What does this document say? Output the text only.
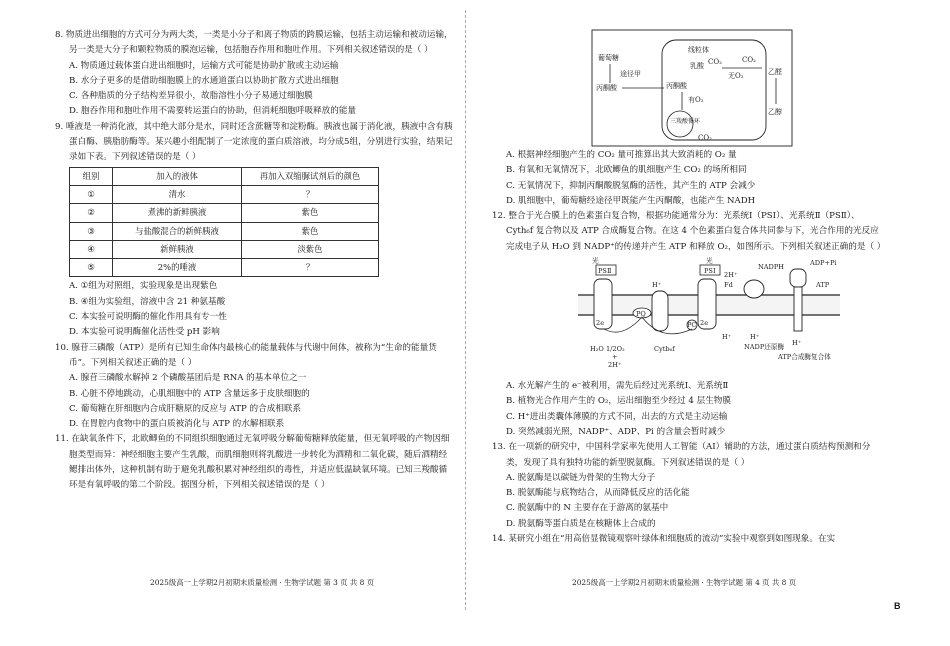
8. 物质进出细胞的方式可分为两大类，一类是小分子和离子物质的跨膜运输，包括主动运输和被动运输，另一类是大分子和颗粒物质的膜泡运输，包括胞吞作用和胞吐作用。下列相关叙述错误的是（ ）

A. 物质通过载体蛋白进出细胞时，运输方式可能是协助扩散或主动运输

B. 水分子更多的是借助细胞膜上的水通道蛋白以协助扩散方式进出细胞

C. 各种脂质的分子结构差异很小，故脂溶性小分子易通过细胞膜

D. 胞吞作用和胞吐作用不需要转运蛋白的协助，但消耗细胞呼吸释放的能量

9. 唾液是一种消化液，其中绝大部分是水，同时还含蔗糖等和淀粉酶。胰液也属于消化液，胰液中含有胰蛋白酶、胰脂肪酶等。某兴趣小组配制了一定浓度的蛋白质溶液，均分成5组，分别进行实验，结果记录如下表。下列叙述错误的是（ ）

组别	加入的液体	再加入双缩脲试剂后的颜色
①	清水	？
②	煮沸的新鲜胰液	紫色
③	与盐酸混合的新鲜胰液	紫色
④	新鲜胰液	淡紫色
⑤	2%的唾液	？

A. ①组为对照组，实验现象是出现紫色

B. ④组为实验组，溶液中含 21 种氨基酸

C. 本实验可说明酶的催化作用具有专一性

D. 本实验可说明酶催化活性受 pH 影响

10. 腺苷三磷酸（ATP）是所有已知生命体内最核心的能量载体与代谢中间体，被称为“生命的能量货币”。下列相关叙述正确的是（ ）

A. 腺苷三磷酸水解掉 2 个磷酸基团后是 RNA 的基本单位之一

B. 心脏不停地跳动，心肌细胞中的 ATP 含量远多于皮肤细胞的

C. 葡萄糖在肝细胞内合成肝糖原的反应与 ATP 的合成相联系

D. 在胃腔内食物中的蛋白质被消化与 ATP 的水解相联系

11. 在缺氧条件下，北欧鲫鱼的不同组织细胞通过无氧呼吸分解葡萄糖释放能量，但无氧呼吸的产物因细胞类型而异：神经细胞主要产生乳酸，而肌细胞则将乳酸进一步转化为酒精和二氧化碳，随后酒精经鳃排出体外，这种机制有助于避免乳酸积累对神经组织的毒性，并适应低温缺氧环境。已知三羧酸循环是有氧呼吸的第二个阶段。据图分析，下列相关叙述错误的是（ ）

2025级高一上学期2月初期末质量检测 · 生物学试题 第 3 页 共 8 页
葡萄糖
途径甲
丙酮酸
线粒体
丙酮酸
乳酸 CO₂
有O₂
三羧酸循环
CO₂
CO₂
无O₂	乙醛
乙醇

A. 根据神经细胞产生的 CO₂ 量可推算出其大致消耗的 O₂ 量

B. 有氧和无氧情况下，北欧鲫鱼的肌细胞产生 CO₂ 的场所相同

C. 无氧情况下，抑制丙酮酸脱氢酶的活性，其产生的 ATP 会减少

D. 肌细胞中，葡萄糖经途径甲既能产生丙酮酸，也能产生 NADH

12. 整合于光合膜上的色素蛋白复合物，根据功能通常分为：光系统Ⅰ（PSⅠ）、光系统Ⅱ（PSⅡ）、Cyth₆f 复合物以及 ATP 合成酶复合物。在这 4 个色素蛋白复合体共同参与下，光合作用的光反应完成电子从 H₂O 到 NADP⁺的传递并产生 ATP 和释放 O₂，如图所示。下列相关叙述正确的是（ ）

光
PSⅡ
2e
PQ
H⁺
Cytb₆f
PC
光
PSⅠ
2e
2H⁺
Fd
NADPH
H⁺
NADP还原酶
H⁺
ADP+Pi
ATP
H⁺
ATP合成酶复合体
H₂O 1/2O₂
+
2H⁺

A. 水光解产生的 e⁻被利用，需先后经过光系统Ⅰ、光系统Ⅱ

B. 植物光合作用产生的 O₂，运出细胞至少经过 4 层生物膜

C. H⁺进出类囊体薄膜的方式不同，出去的方式是主动运输

D. 突然减弱光照，NADP⁺、ADP、Pi 的含量会暂时减少

13. 在一项新的研究中，中国科学家率先使用人工智能（AI）辅助的方法，通过蛋白质结构预测和分类，发现了具有独特功能的新型脱氨酶。下列叙述错误的是（ ）

A. 脱氨酶是以碳链为骨架的生物大分子

B. 脱氨酶能与底物结合，从而降低反应的活化能

C. 脱氨酶中的 N 主要存在于游离的氨基中

D. 脱氨酶等蛋白质是在核糖体上合成的

14. 某研究小组在“用高倍显微镜观察叶绿体和细胞质的流动”实验中观察到如图现象。在实

2025级高一上学期2月初期末质量检测 · 生物学试题 第 4 页 共 8 页
B
